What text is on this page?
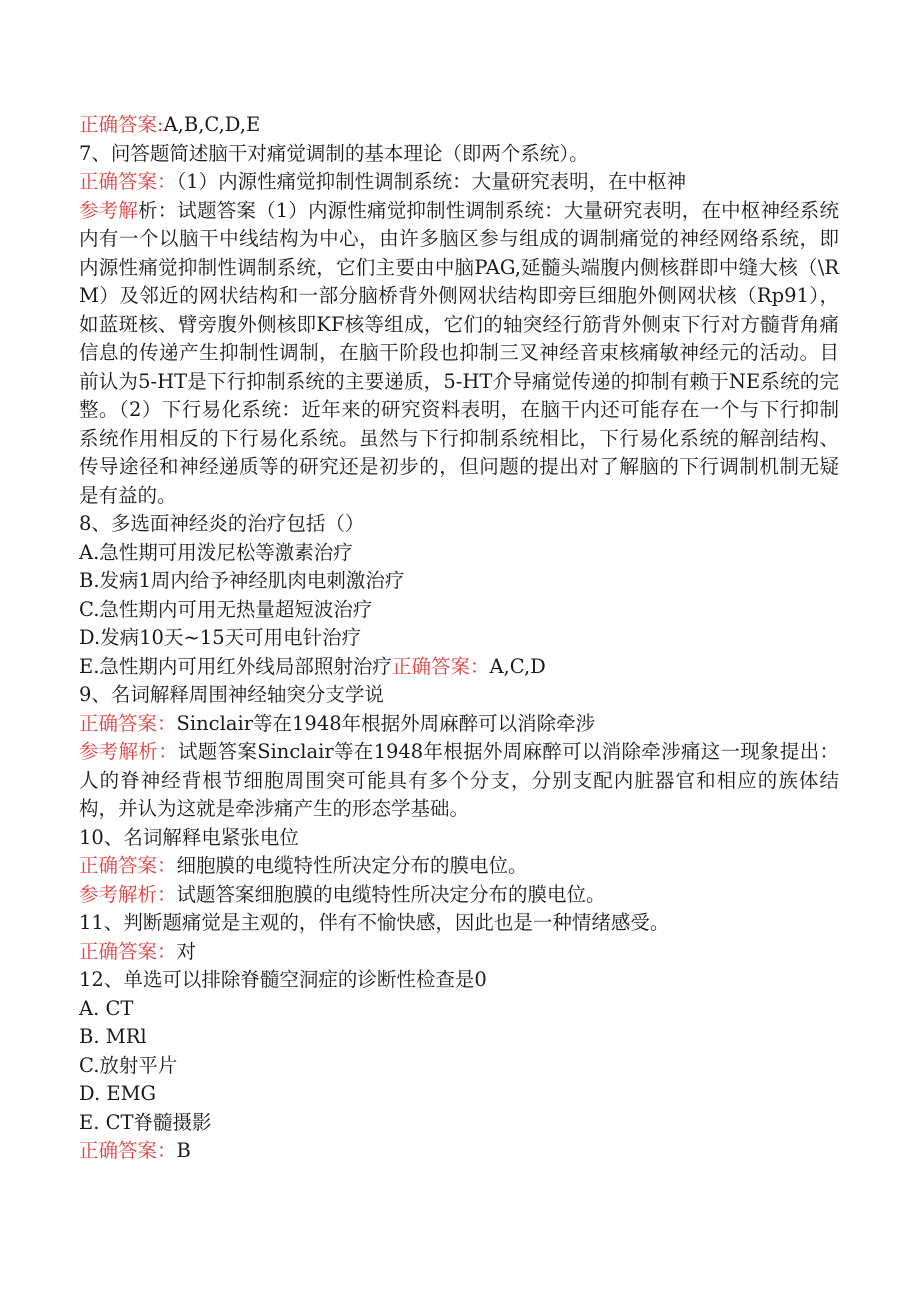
正确答案:A,B,C,D,E
7、问答题简述脑干对痛觉调制的基本理论（即两个系统）。
正确答案：（1）内源性痛觉抑制性调制系统：大量研究表明，在中枢神
参考解析：试题答案（1）内源性痛觉抑制性调制系统：大量研究表明，在中枢神经系统内有一个以脑干中线结构为中心，由许多脑区参与组成的调制痛觉的神经网络系统，即内源性痛觉抑制性调制系统，它们主要由中脑PAG,延髓头端腹内侧核群即中缝大核（\RM）及邻近的网状结构和一部分脑桥背外侧网状结构即旁巨细胞外侧网状核（Rp91），如蓝斑核、臂旁腹外侧核即KF核等组成，它们的轴突经行筋背外侧束下行对方髓背角痛信息的传递产生抑制性调制，在脑干阶段也抑制三叉神经音束核痛敏神经元的活动。目前认为5-HT是下行抑制系统的主要递质，5-HT介导痛觉传递的抑制有赖于NE系统的完整。（2）下行易化系统：近年来的研究资料表明，在脑干内还可能存在一个与下行抑制系统作用相反的下行易化系统。虽然与下行抑制系统相比，下行易化系统的解剖结构、传导途径和神经递质等的研究还是初步的，但问题的提出对了解脑的下行调制机制无疑是有益的。
8、多选面神经炎的治疗包括（）
A.急性期可用泼尼松等激素治疗
B.发病1周内给予神经肌肉电刺激治疗
C.急性期内可用无热量超短波治疗
D.发病10天~15天可用电针治疗
E.急性期内可用红外线局部照射治疗正确答案：A,C,D
9、名词解释周围神经轴突分支学说
正确答案：Sinclair等在1948年根据外周麻醉可以消除牵涉
参考解析：试题答案Sinclair等在1948年根据外周麻醉可以消除牵涉痛这一现象提出：人的脊神经背根节细胞周围突可能具有多个分支，分别支配内脏器官和相应的族体结构，并认为这就是牵涉痛产生的形态学基础。
10、名词解释电紧张电位
正确答案：细胞膜的电缆特性所决定分布的膜电位。
参考解析：试题答案细胞膜的电缆特性所决定分布的膜电位。
11、判断题痛觉是主观的，伴有不愉快感，因此也是一种情绪感受。
正确答案：对
12、单选可以排除脊髓空洞症的诊断性检查是0
A. CT
B. MRl
C.放射平片
D. EMG
E. CT脊髓摄影
正确答案：B
